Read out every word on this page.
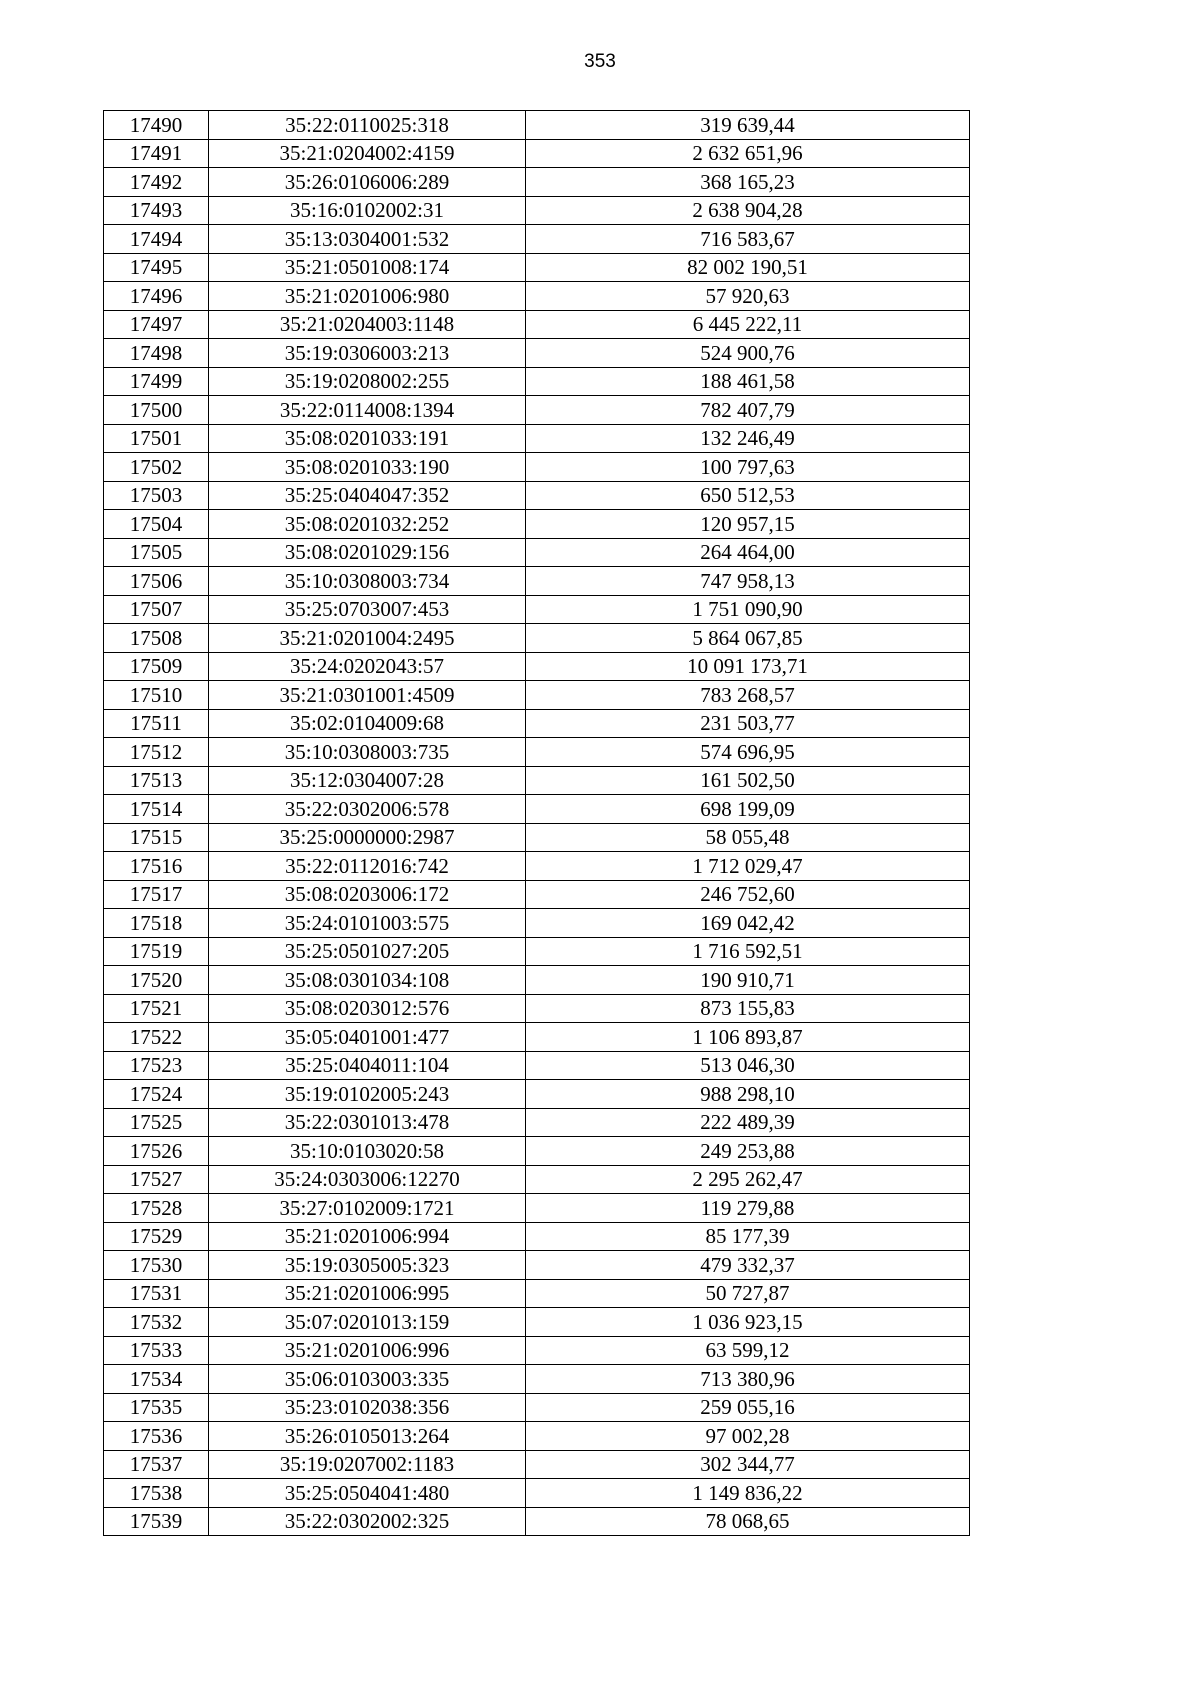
353
17490	35:22:0110025:318	319 639,44
17491	35:21:0204002:4159	2 632 651,96
17492	35:26:0106006:289	368 165,23
17493	35:16:0102002:31	2 638 904,28
17494	35:13:0304001:532	716 583,67
17495	35:21:0501008:174	82 002 190,51
17496	35:21:0201006:980	57 920,63
17497	35:21:0204003:1148	6 445 222,11
17498	35:19:0306003:213	524 900,76
17499	35:19:0208002:255	188 461,58
17500	35:22:0114008:1394	782 407,79
17501	35:08:0201033:191	132 246,49
17502	35:08:0201033:190	100 797,63
17503	35:25:0404047:352	650 512,53
17504	35:08:0201032:252	120 957,15
17505	35:08:0201029:156	264 464,00
17506	35:10:0308003:734	747 958,13
17507	35:25:0703007:453	1 751 090,90
17508	35:21:0201004:2495	5 864 067,85
17509	35:24:0202043:57	10 091 173,71
17510	35:21:0301001:4509	783 268,57
17511	35:02:0104009:68	231 503,77
17512	35:10:0308003:735	574 696,95
17513	35:12:0304007:28	161 502,50
17514	35:22:0302006:578	698 199,09
17515	35:25:0000000:2987	58 055,48
17516	35:22:0112016:742	1 712 029,47
17517	35:08:0203006:172	246 752,60
17518	35:24:0101003:575	169 042,42
17519	35:25:0501027:205	1 716 592,51
17520	35:08:0301034:108	190 910,71
17521	35:08:0203012:576	873 155,83
17522	35:05:0401001:477	1 106 893,87
17523	35:25:0404011:104	513 046,30
17524	35:19:0102005:243	988 298,10
17525	35:22:0301013:478	222 489,39
17526	35:10:0103020:58	249 253,88
17527	35:24:0303006:12270	2 295 262,47
17528	35:27:0102009:1721	119 279,88
17529	35:21:0201006:994	85 177,39
17530	35:19:0305005:323	479 332,37
17531	35:21:0201006:995	50 727,87
17532	35:07:0201013:159	1 036 923,15
17533	35:21:0201006:996	63 599,12
17534	35:06:0103003:335	713 380,96
17535	35:23:0102038:356	259 055,16
17536	35:26:0105013:264	97 002,28
17537	35:19:0207002:1183	302 344,77
17538	35:25:0504041:480	1 149 836,22
17539	35:22:0302002:325	78 068,65
